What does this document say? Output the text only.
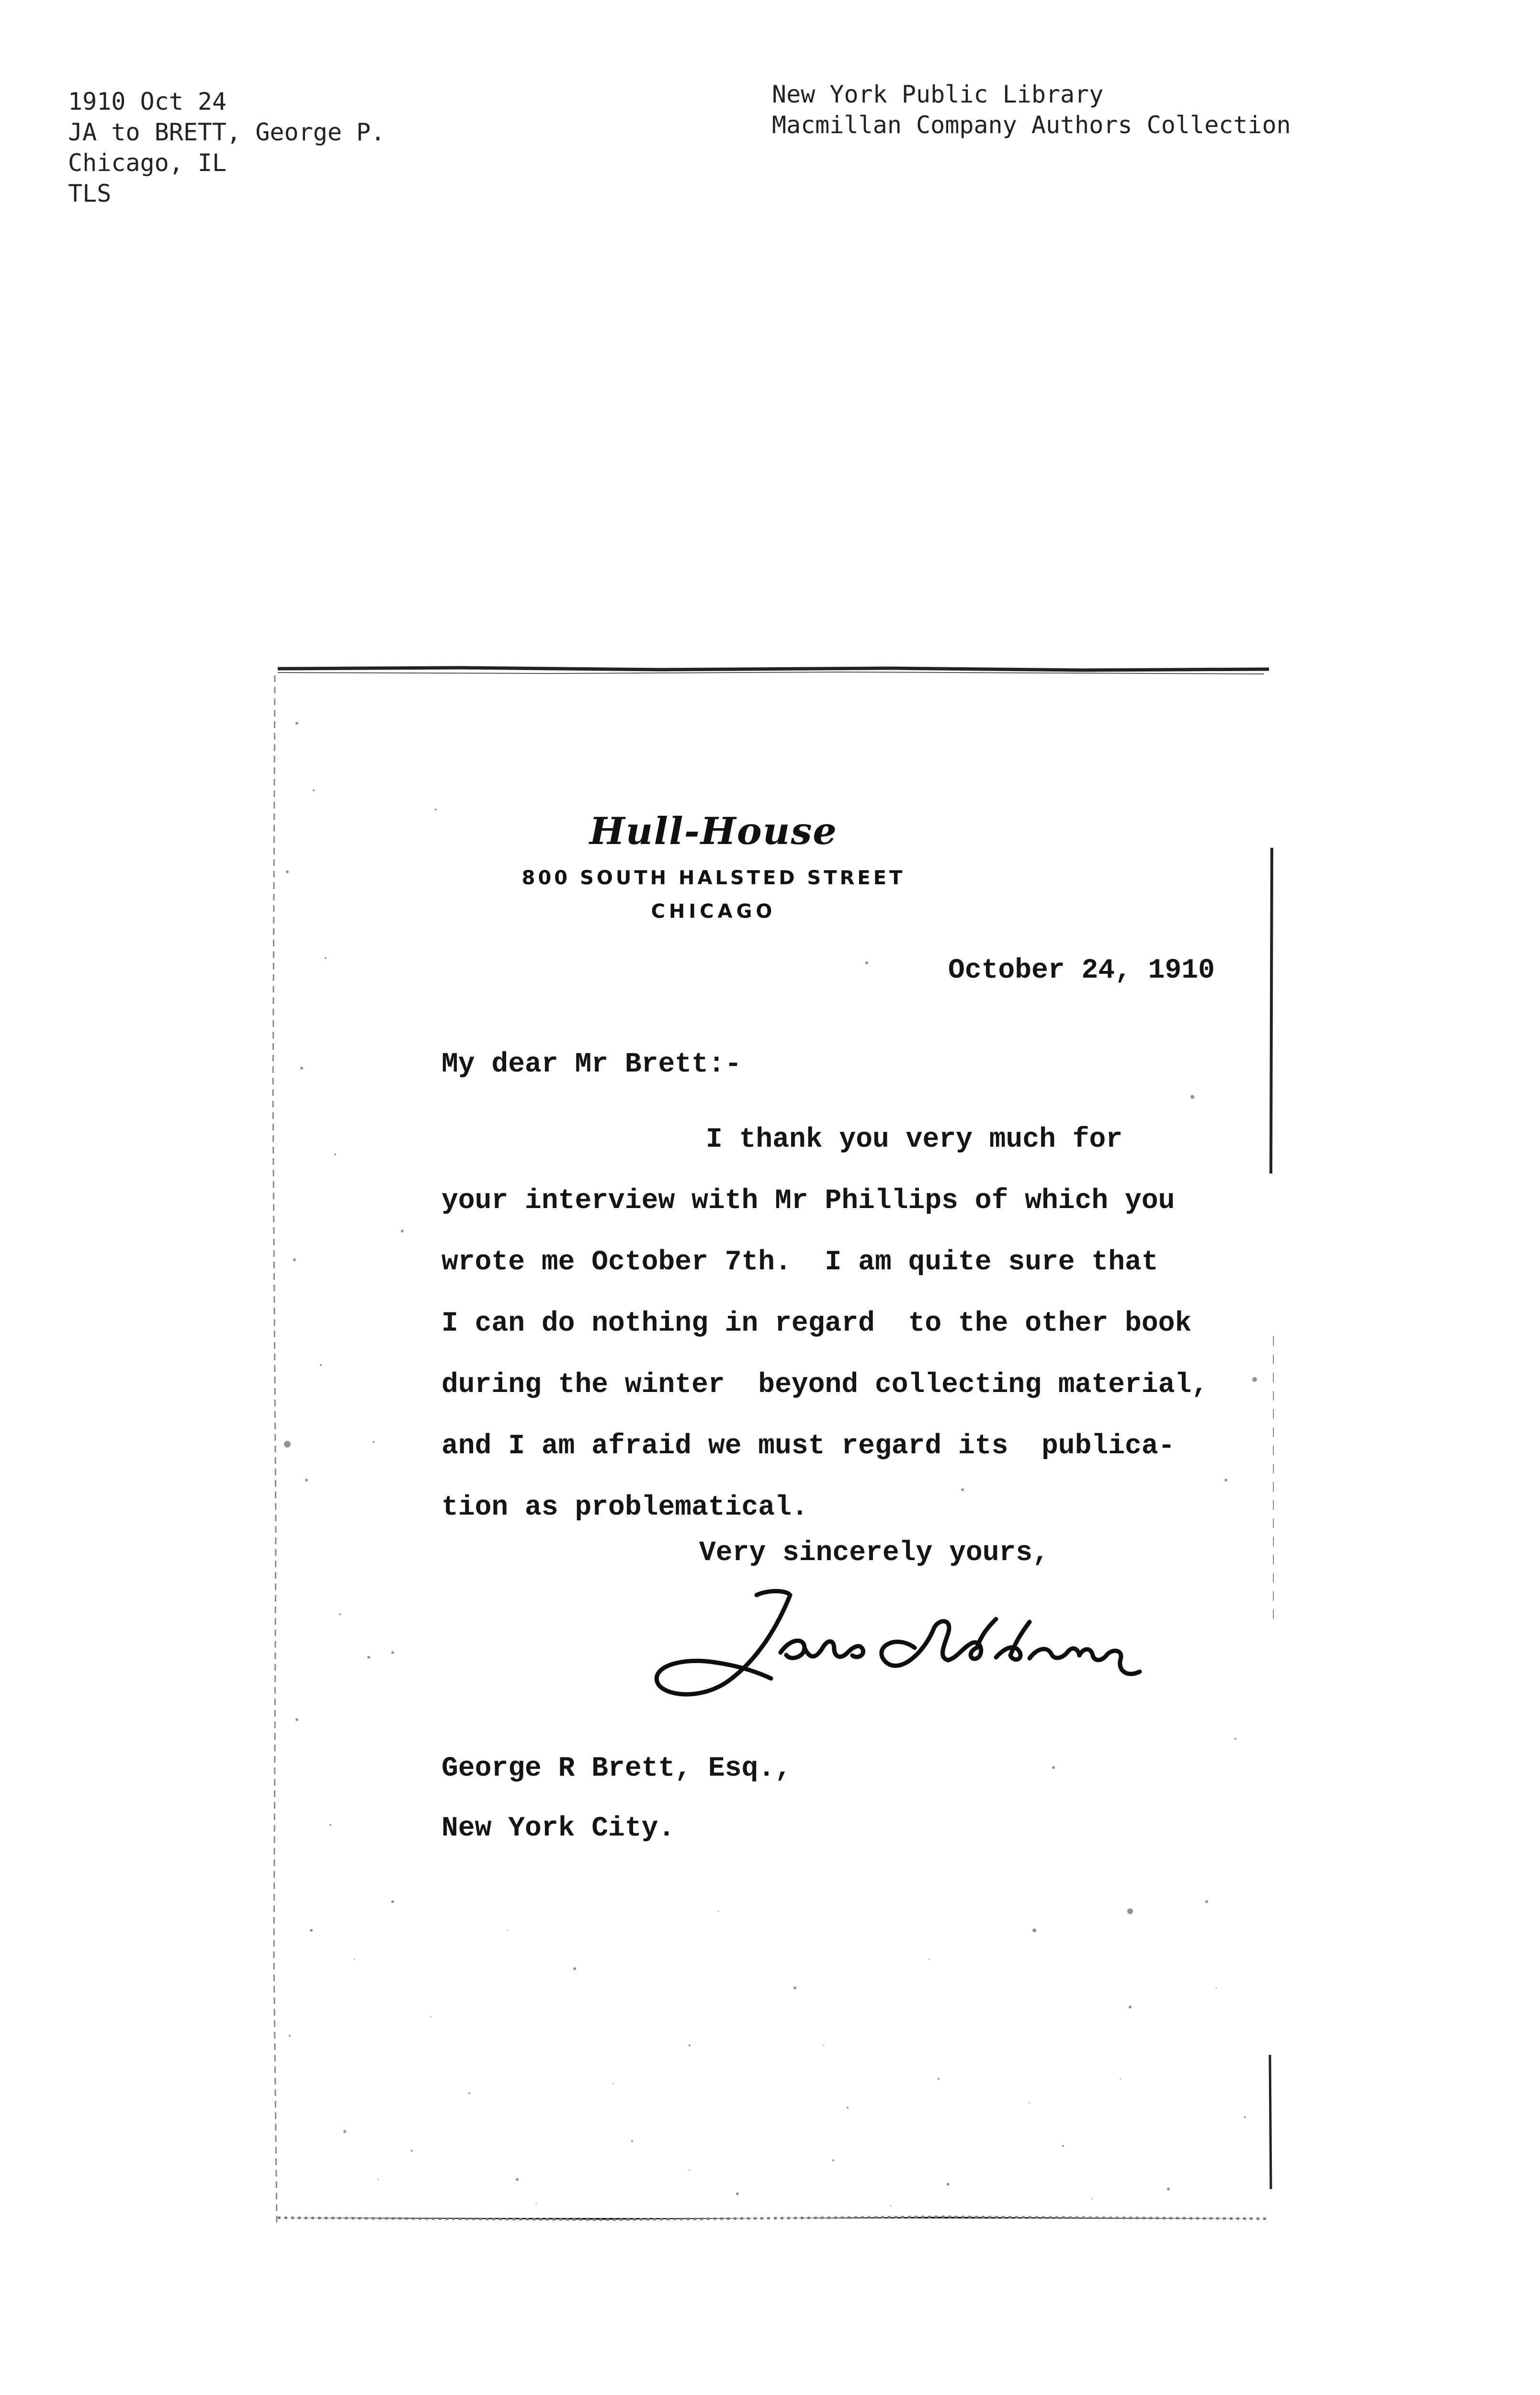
1910 Oct 24
JA to BRETT, George P.
Chicago, IL
TLS
New York Public Library
Macmillan Company Authors Collection
Hull-House
800 SOUTH HALSTED STREET
CHICAGO
October 24, 1910
My dear Mr Brett:-
I thank you very much for
your interview with Mr Phillips of which you
wrote me October 7th.  I am quite sure that
I can do nothing in regard  to the other book
during the winter  beyond collecting material,
and I am afraid we must regard its  publica-
tion as problematical.
Very sincerely yours,
George R Brett, Esq.,
New York City.
